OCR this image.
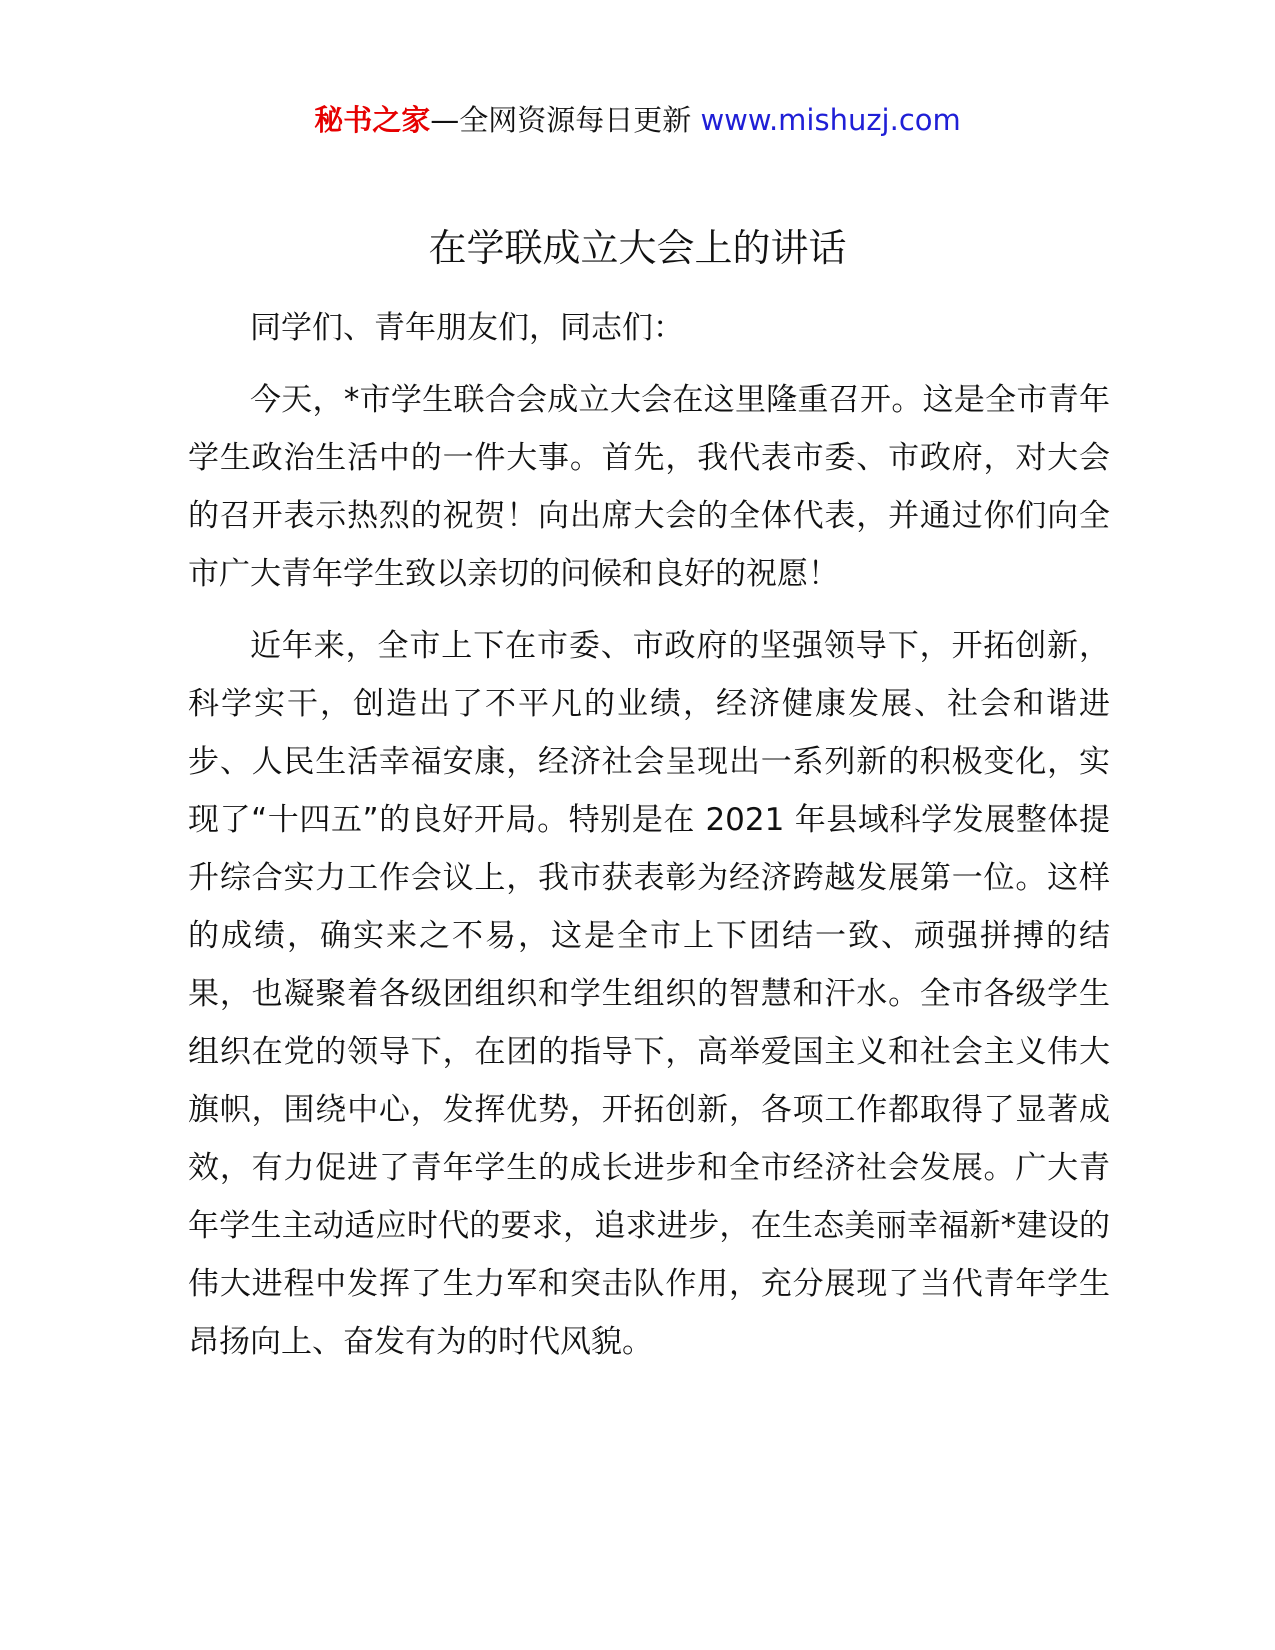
秘书之家—全网资源每日更新 www.mishuzj.com
在学联成立大会上的讲话

同学们、青年朋友们，同志们：

今天，*市学生联合会成立大会在这里隆重召开。这是全市青年学生政治生活中的一件大事。首先，我代表市委、市政府，对大会的召开表示热烈的祝贺！向出席大会的全体代表，并通过你们向全市广大青年学生致以亲切的问候和良好的祝愿！

近年来，全市上下在市委、市政府的坚强领导下，开拓创新，科学实干，创造出了不平凡的业绩，经济健康发展、社会和谐进步、人民生活幸福安康，经济社会呈现出一系列新的积极变化，实现了“十四五”的良好开局。特别是在 2021 年县域科学发展整体提升综合实力工作会议上，我市获表彰为经济跨越发展第一位。这样的成绩，确实来之不易，这是全市上下团结一致、顽强拼搏的结果，也凝聚着各级团组织和学生组织的智慧和汗水。全市各级学生组织在党的领导下，在团的指导下，高举爱国主义和社会主义伟大旗帜，围绕中心，发挥优势，开拓创新，各项工作都取得了显著成效，有力促进了青年学生的成长进步和全市经济社会发展。广大青年学生主动适应时代的要求，追求进步，在生态美丽幸福新*建设的伟大进程中发挥了生力军和突击队作用，充分展现了当代青年学生昂扬向上、奋发有为的时代风貌。
